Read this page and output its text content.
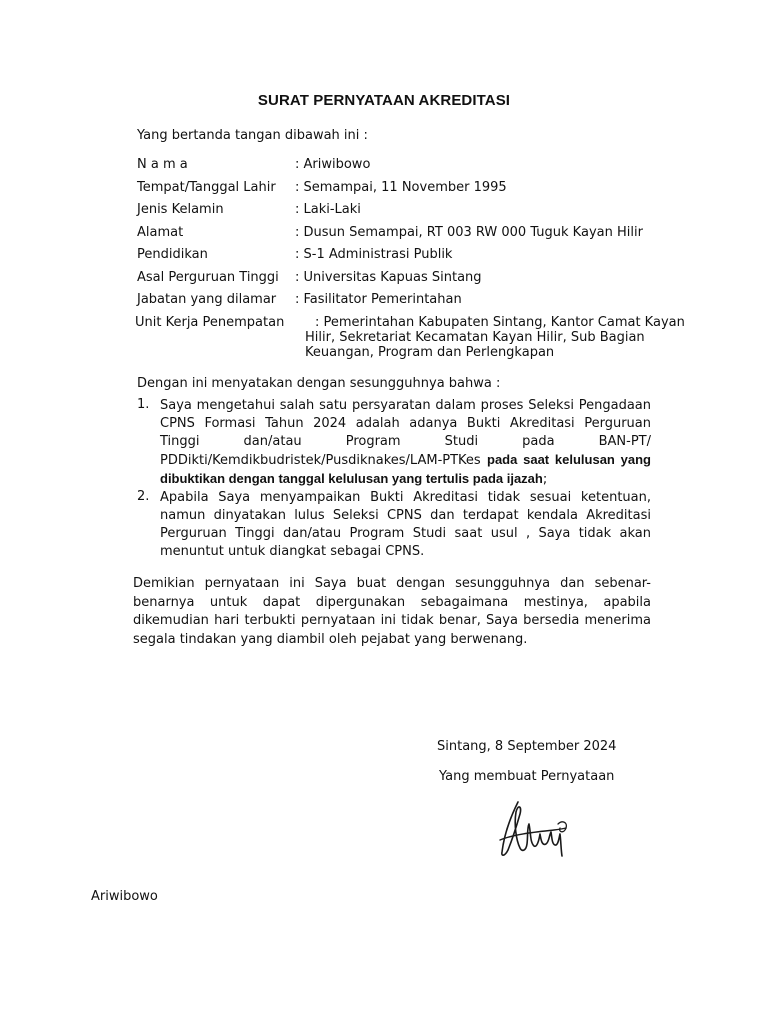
SURAT PERNYATAAN AKREDITASI
Yang bertanda tangan dibawah ini :
N a m a	: Ariwibowo
Tempat/Tanggal Lahir : Semampai, 11 November 1995
Jenis Kelamin	: Laki-Laki
Alamat	: Dusun Semampai, RT 003 RW 000 Tuguk Kayan Hilir
Pendidikan	: S-1 Administrasi Publik
Asal Perguruan Tinggi : Universitas Kapuas Sintang
Jabatan yang dilamar : Fasilitator Pemerintahan
Unit Kerja Penempatan : Pemerintahan Kabupaten Sintang, Kantor Camat Kayan
Hilir, Sekretariat Kecamatan Kayan Hilir, Sub Bagian
Keuangan, Program dan Perlengkapan
Dengan ini menyatakan dengan sesungguhnya bahwa :
1. Saya mengetahui salah satu persyaratan dalam proses Seleksi Pengadaan CPNS Formasi Tahun 2024 adalah adanya Bukti Akreditasi Perguruan Tinggi dan/atau Program Studi pada BAN-PT/ PDDikti/Kemdikbudristek/Pusdiknakes/LAM-PTKes pada saat kelulusan yang dibuktikan dengan tanggal kelulusan yang tertulis pada ijazah;
2. Apabila Saya menyampaikan Bukti Akreditasi tidak sesuai ketentuan, namun dinyatakan lulus Seleksi CPNS dan terdapat kendala Akreditasi Perguruan Tinggi dan/atau Program Studi saat usul , Saya tidak akan menuntut untuk diangkat sebagai CPNS.
Demikian pernyataan ini Saya buat dengan sesungguhnya dan sebenar-benarnya untuk dapat dipergunakan sebagaimana mestinya, apabila dikemudian hari terbukti pernyataan ini tidak benar, Saya bersedia menerima segala tindakan yang diambil oleh pejabat yang berwenang.
Sintang, 8 September 2024
Yang membuat Pernyataan
Ariwibowo
